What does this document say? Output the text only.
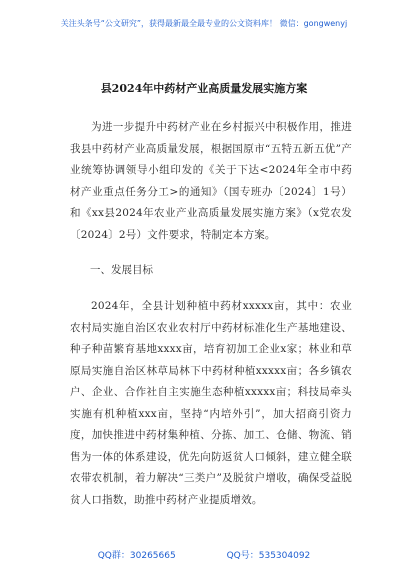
关注头条号“公文研究”，获得最新最全最专业的公文资料库！ 微信：gongwenyj
县2024年中药材产业高质量发展实施方案
为进一步提升中药材产业在乡村振兴中积极作用，推进我县中药材产业高质量发展，根据国原市“五特五新五优”产业统筹协调领导小组印发的《关于下达<2024年全市中药材产业重点任务分工>的通知》（国专班办〔2024〕1号）和《xx县2024年农业产业高质量发展实施方案》（x党农发〔2024〕2号）文件要求，特制定本方案。
一、发展目标
2024年，全县计划种植中药材xxxxx亩，其中：农业农村局实施自治区农业农村厅中药材标准化生产基地建设、种子种苗繁育基地xxxx亩，培育初加工企业x家；林业和草原局实施自治区林草局林下中药材种植xxxxx亩；各乡镇农户、企业、合作社自主实施生态种植xxxxx亩；科技局牵头实施有机种植xxx亩，坚持“内培外引”，加大招商引资力度，加快推进中药材集种植、分拣、加工、仓储、物流、销售为一体的体系建设，优先向防返贫人口倾斜，建立健全联农带农机制，着力解决“三类户”及脱贫户增收，确保受益脱贫人口指数，助推中药材产业提质增效。
QQ群：30265665	QQ号：535304092
